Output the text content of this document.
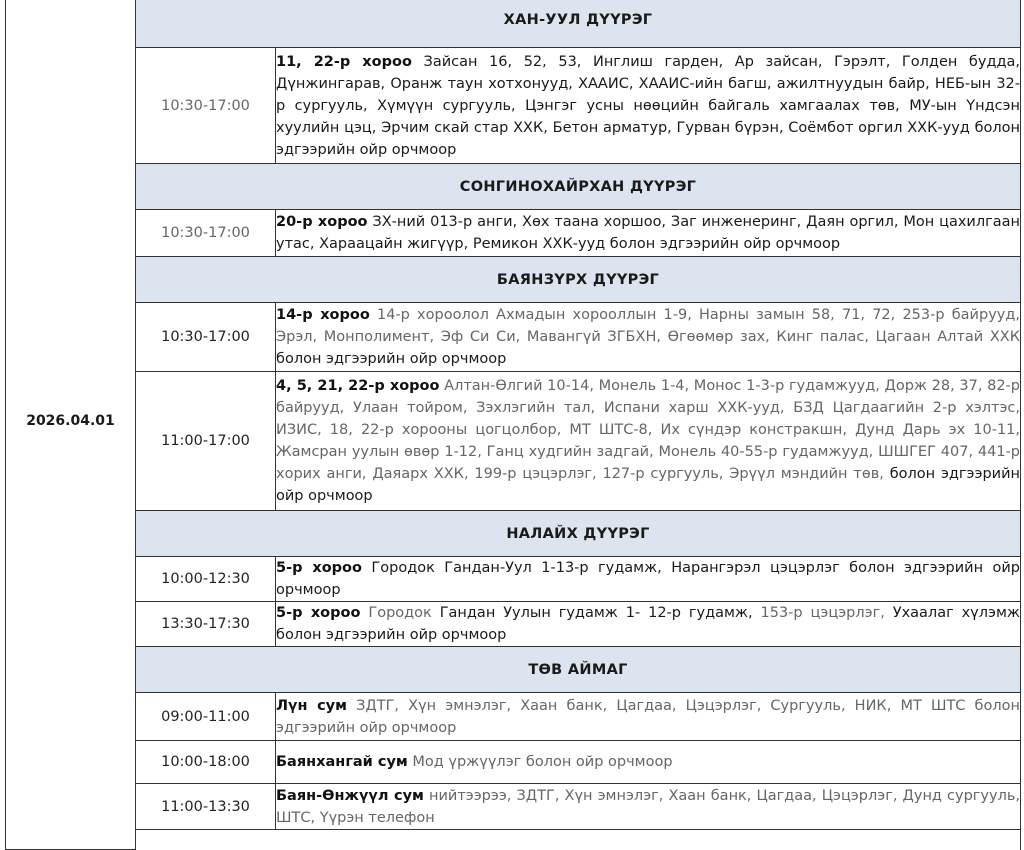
2026.04.01	ХАН-УУЛ ДҮҮРЭГ	
	10:30-17:00	11, 22-р хороо Зайсан 16, 52, 53, Инглиш гарден, Ар зайсан, Гэрэлт, Голден будда, Дүнжингарав, Оранж таун хотхонууд, ХААИС, ХААИС-ийн багш, ажилтнуудын байр, НЕБ-ын 32-р сургууль, Хүмүүн сургууль, Цэнгэг усны нөөцийн байгаль хамгаалах төв, МУ-ын Үндсэн хуулийн цэц, Эрчим скай стар ХХК, Бетон арматур, Гурван бүрэн, Соёмбот оргил ХХК-ууд болон эдгээрийн ойр орчмоор
	СОНГИНОХАЙРХАН ДҮҮРЭГ	
	10:30-17:00	20-р хороо ЗХ-ний 013-р анги, Хөх таана хоршоо, Заг инженеринг, Даян оргил, Мон цахилгаан утас, Хараацайн жигүүр, Ремикон ХХК-ууд болон эдгээрийн ойр орчмоор
	БАЯНЗҮРХ ДҮҮРЭГ	
	10:30-17:00	14-р хороо 14-р хороолол Ахмадын хорооллын 1-9, Нарны замын 58, 71, 72, 253-р байрууд, Эрэл, Монполимент, Эф Си Си, Мавангүй ЗГБХН, Өгөөмөр зах, Кинг палас, Цагаан Алтай ХХК болон эдгээрийн ойр орчмоор
	11:00-17:00	4, 5, 21, 22-р хороо Алтан-Өлгий 10-14, Монель 1-4, Монос 1-3-р гудамжууд, Дорж 28, 37, 82-р байрууд, Улаан тойром, Зэхлэгийн тал, Испани харш ХХК-ууд, БЗД Цагдаагийн 2-р хэлтэс, ИЗИС, 18, 22-р хорооны цогцолбор, МТ ШТС-8, Их сүндэр констракшн, Дунд Дарь эх 10-11, Жамсран уулын өвөр 1-12, Ганц худгийн задгай, Монель 40-55-р гудамжууд, ШШГЕГ 407, 441-р хорих анги, Даяарх ХХК, 199-р цэцэрлэг, 127-р сургууль, Эрүүл мэндийн төв, болон эдгээрийн ойр орчмоор
	НАЛАЙХ ДҮҮРЭГ	
	10:00-12:30	5-р хороо Городок Гандан-Уул 1-13-р гудамж, Нарангэрэл цэцэрлэг болон эдгээрийн ойр орчмоор
	13:30-17:30	5-р хороо Городок Гандан Уулын гудамж 1- 12-р гудамж, 153-р цэцэрлэг, Ухаалаг хүлэмж болон эдгээрийн ойр орчмоор
	ТӨВ АЙМАГ	
	09:00-11:00	Лүн сум ЗДТГ, Хүн эмнэлэг, Хаан банк, Цагдаа, Цэцэрлэг, Сургууль, НИК, МТ ШТС болон эдгээрийн ойр орчмоор
	10:00-18:00	Баянхангай сум Мод үржүүлэг болон ойр орчмоор
	11:00-13:30	Баян-Өнжүүл сум нийтээрээ, ЗДТГ, Хүн эмнэлэг, Хаан банк, Цагдаа, Цэцэрлэг, Дунд сургууль, ШТС, Үүрэн телефон
